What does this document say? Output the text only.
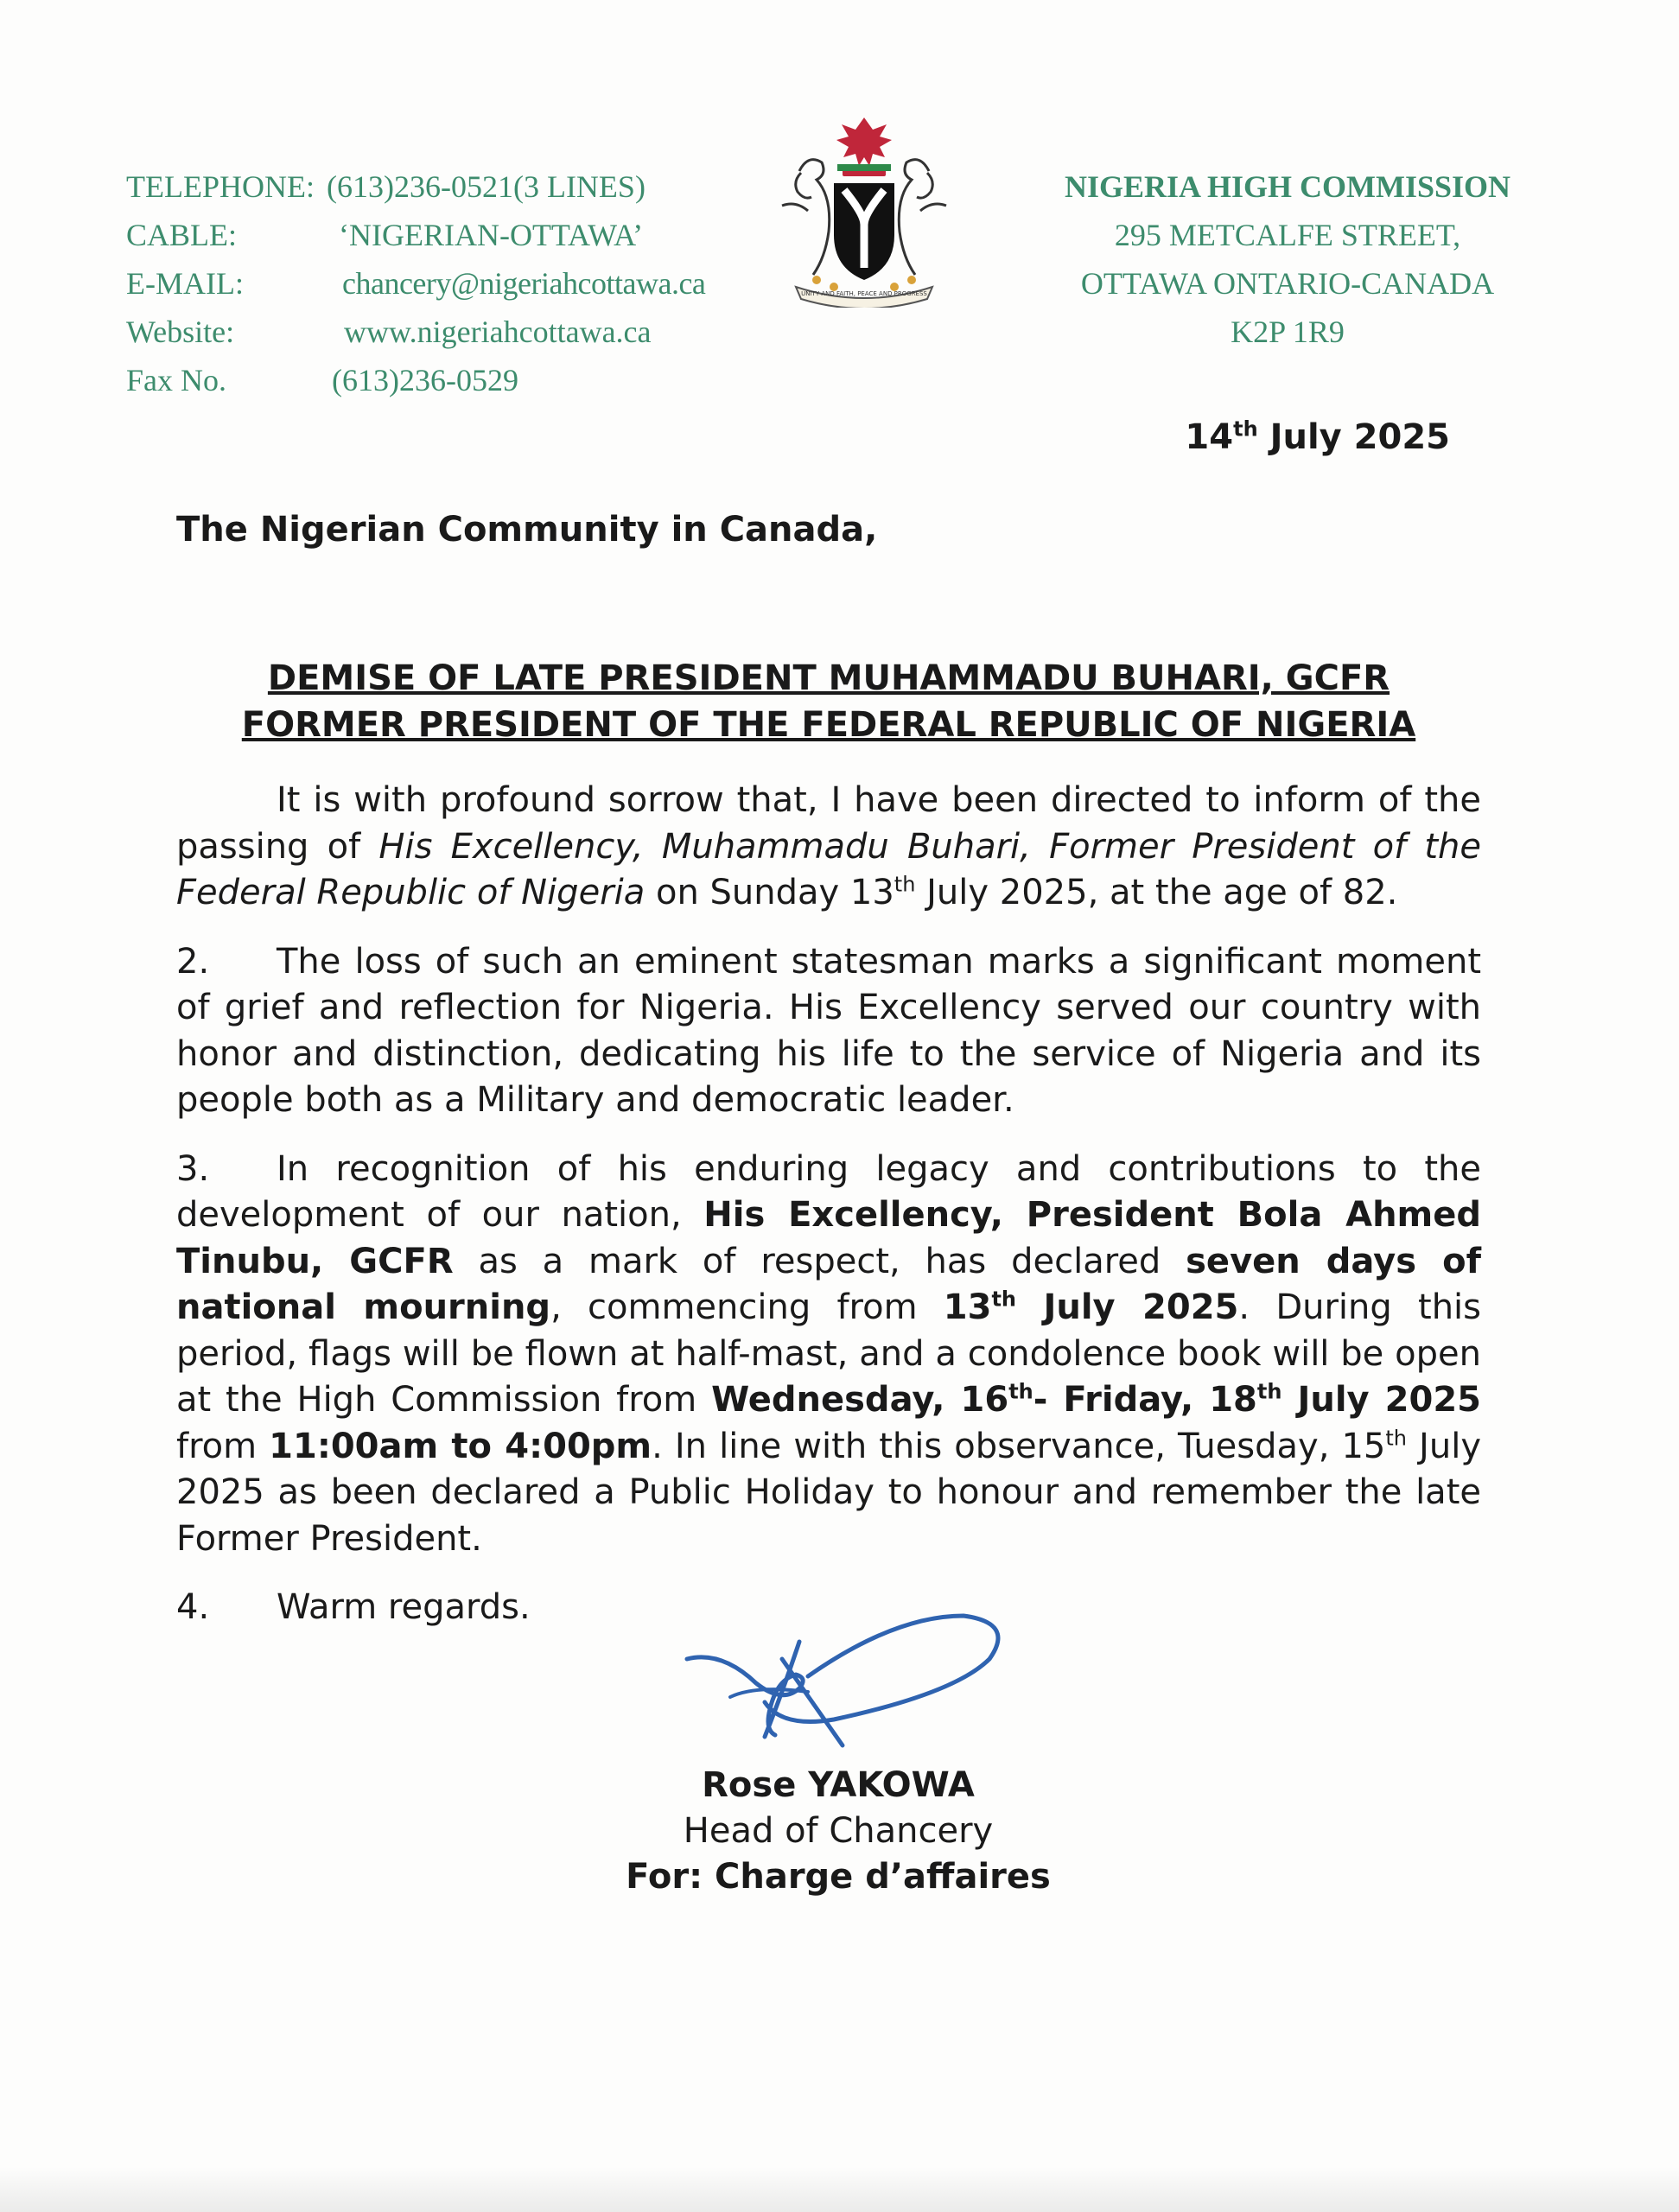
TELEPHONE: (613)236-0521(3 LINES)
CABLE:	‘NIGERIAN-OTTAWA’
E-MAIL:	chancery@nigeriahcottawa.ca
Website:	www.nigeriahcottawa.ca
Fax No.	(613)236-0529
UNITY AND FAITH, PEACE AND PROGRESS
NIGERIA HIGH COMMISSION
295 METCALFE STREET,
OTTAWA ONTARIO-CANADA
K2P 1R9
14th July 2025
The Nigerian Community in Canada,
DEMISE OF LATE PRESIDENT MUHAMMADU BUHARI, GCFR
FORMER PRESIDENT OF THE FEDERAL REPUBLIC OF NIGERIA

It is with profound sorrow that, I have been directed to inform of the passing of His Excellency, Muhammadu Buhari, Former President of the Federal Republic of Nigeria on Sunday 13th July 2025, at the age of 82.

2. The loss of such an eminent statesman marks a significant moment of grief and reflection for Nigeria. His Excellency served our country with honor and distinction, dedicating his life to the service of Nigeria and its people both as a Military and democratic leader.

3. In recognition of his enduring legacy and contributions to the development of our nation, His Excellency, President Bola Ahmed Tinubu, GCFR as a mark of respect, has declared seven days of national mourning, commencing from 13th July 2025. During this period, flags will be flown at half-mast, and a condolence book will be open at the High Commission from Wednesday, 16th- Friday, 18th July 2025 from 11:00am to 4:00pm. In line with this observance, Tuesday, 15th July 2025 as been declared a Public Holiday to honour and remember the late Former President.

4. Warm regards.

Rose YAKOWA
Head of Chancery
For: Charge d’affaires
